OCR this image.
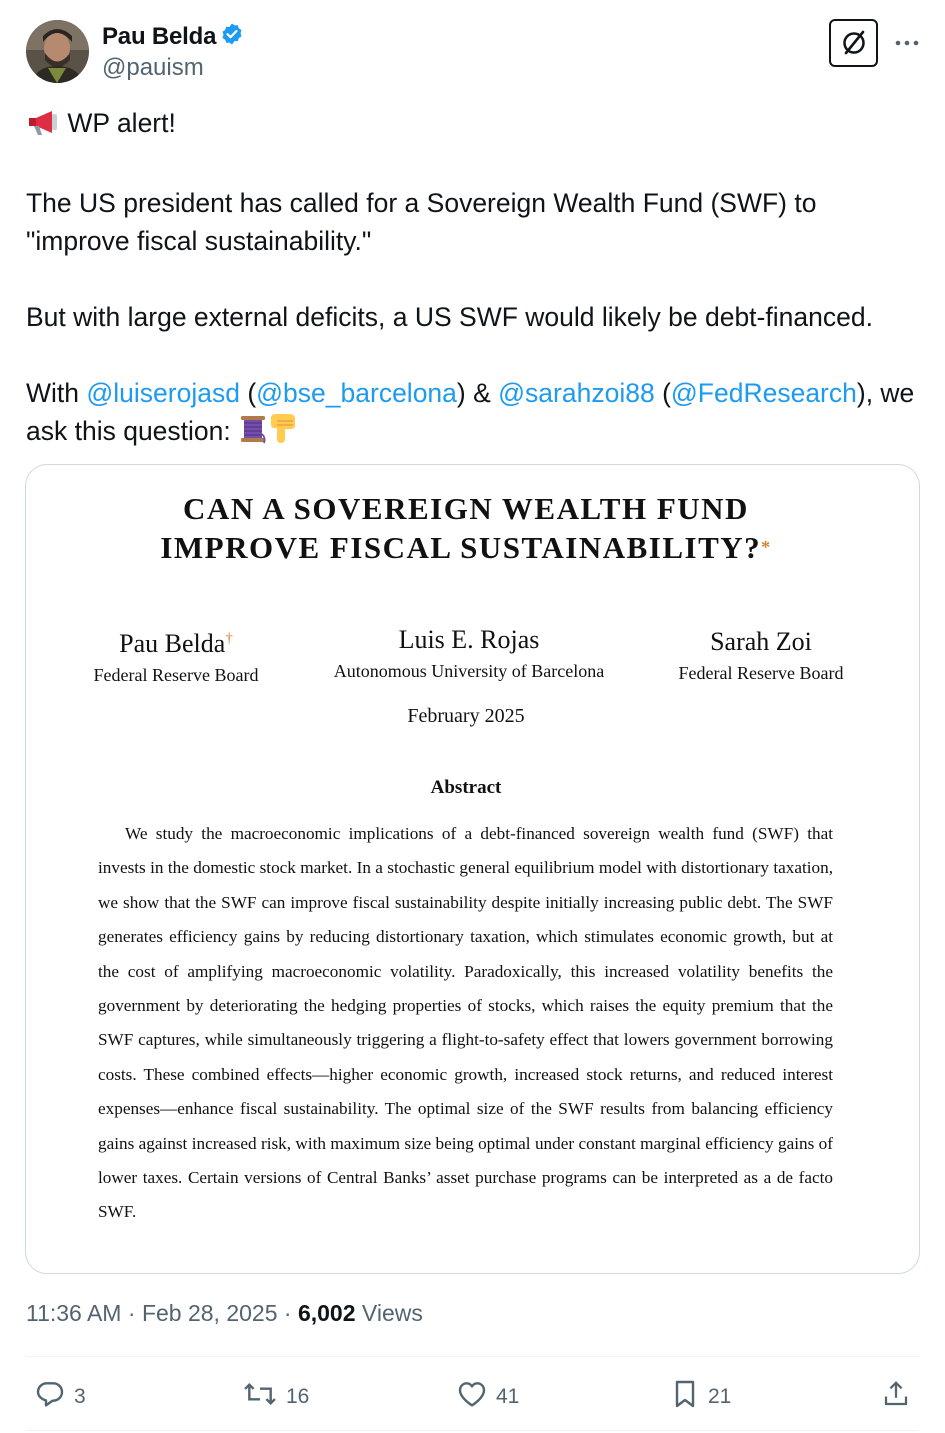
Pau Belda
@pauism

WP alert!

The US president has called for a Sovereign Wealth Fund (SWF) to "improve fiscal sustainability."

But with large external deficits, a US SWF would likely be debt-financed.

With @luiserojasd (@bse_barcelona) & @sarahzoi88 (@FedResearch), we ask this question:

CAN A SOVEREIGN WEALTH FUND
IMPROVE FISCAL SUSTAINABILITY?*
Pau Belda†
Federal Reserve Board
Luis E. Rojas
Autonomous University of Barcelona
Sarah Zoi
Federal Reserve Board
February 2025
Abstract
We study the macroeconomic implications of a debt-financed sovereign wealth fund (SWF) that invests in the domestic stock market. In a stochastic general equilibrium model with distortionary taxation, we show that the SWF can improve fiscal sustainability despite initially increasing public debt. The SWF generates efficiency gains by reducing distortionary taxation, which stimulates economic growth, but at the cost of amplifying macroeconomic volatility. Paradoxically, this increased volatility benefits the government by deteriorating the hedging properties of stocks, which raises the equity premium that the SWF captures, while simultaneously triggering a flight-to-safety effect that lowers government borrowing costs. These combined effects—higher economic growth, increased stock returns, and reduced interest expenses—enhance fiscal sustainability. The optimal size of the SWF results from balancing efficiency gains against increased risk, with maximum size being optimal under constant marginal efficiency gains of lower taxes. Certain versions of Central Banks’ asset purchase programs can be interpreted as a de facto SWF.
11:36 AM · Feb 28, 2025 · 6,002 Views
3	16	41	21
